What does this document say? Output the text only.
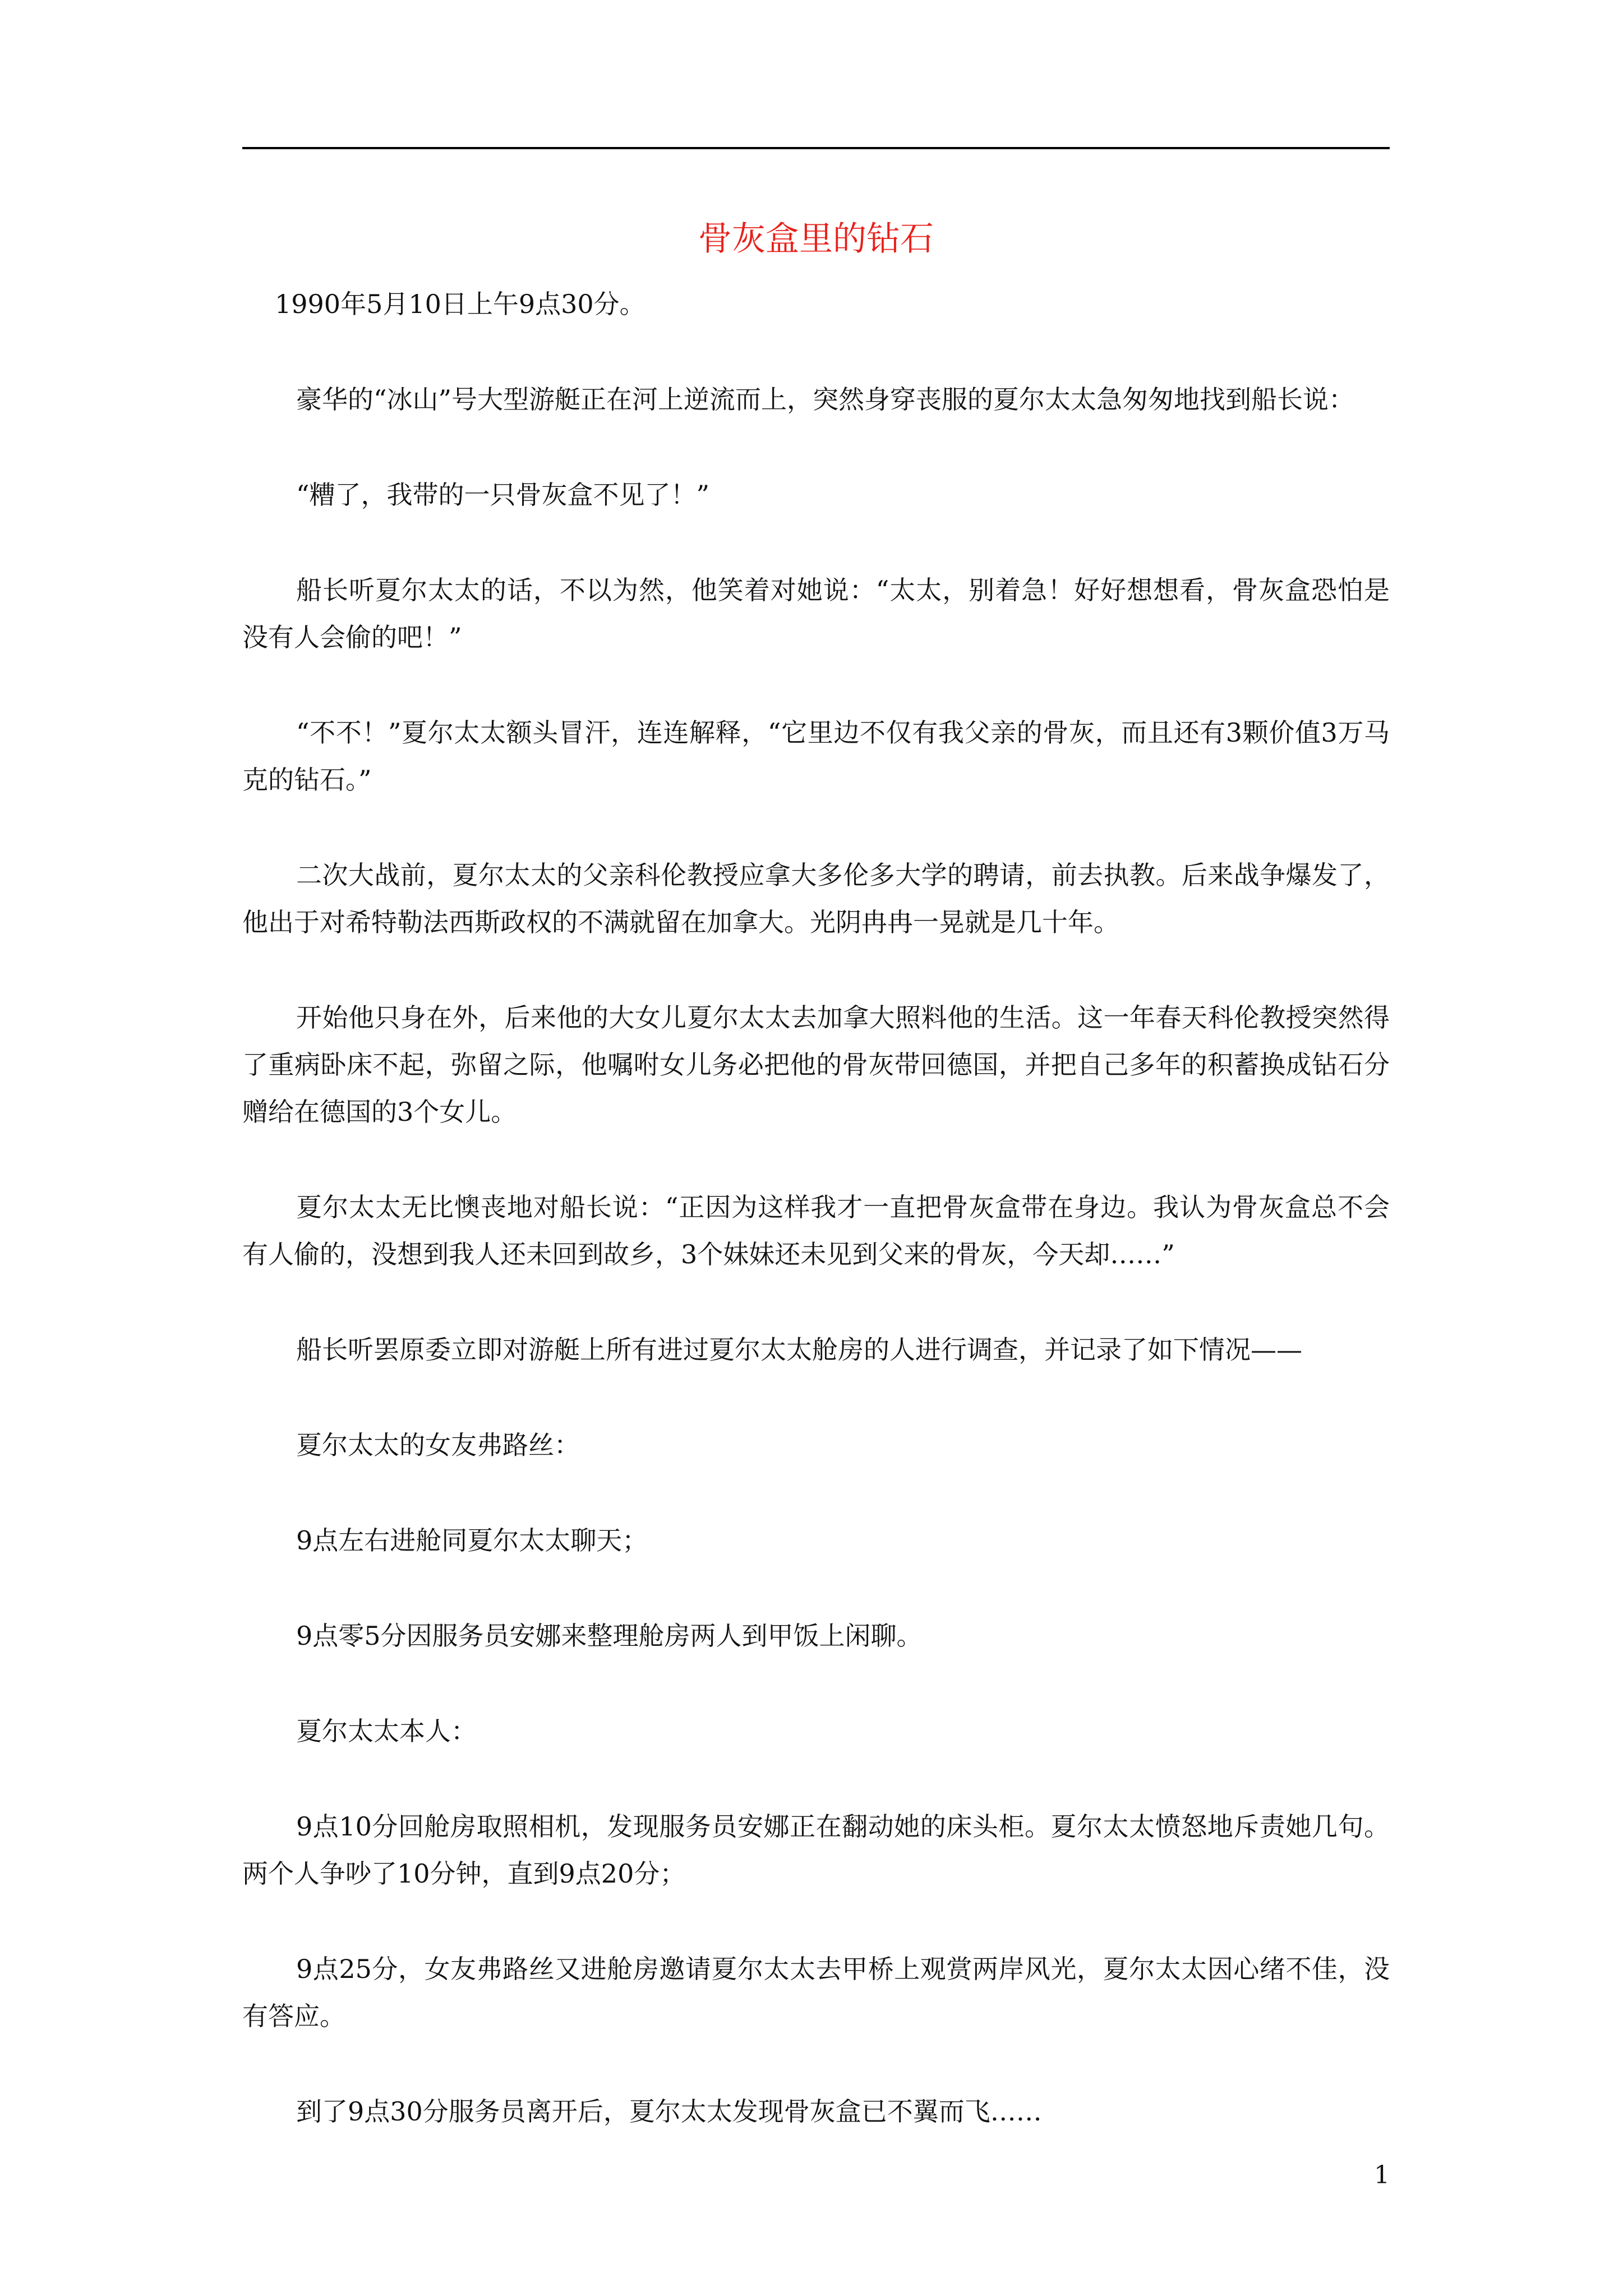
骨灰盒里的钻石

1990年5月10日上午9点30分。

豪华的“冰山”号大型游艇正在河上逆流而上，突然身穿丧服的夏尔太太急匆匆地找到船长说：

“糟了，我带的一只骨灰盒不见了！”

船长听夏尔太太的话，不以为然，他笑着对她说：“太太，别着急！好好想想看，骨灰盒恐怕是没有人会偷的吧！”

“不不！”夏尔太太额头冒汗，连连解释，“它里边不仅有我父亲的骨灰，而且还有3颗价值3万马克的钻石。”

二次大战前，夏尔太太的父亲科伦教授应拿大多伦多大学的聘请，前去执教。后来战争爆发了，他出于对希特勒法西斯政权的不满就留在加拿大。光阴冉冉一晃就是几十年。

开始他只身在外，后来他的大女儿夏尔太太去加拿大照料他的生活。这一年春天科伦教授突然得了重病卧床不起，弥留之际，他嘱咐女儿务必把他的骨灰带回德国，并把自己多年的积蓄换成钻石分赠给在德国的3个女儿。

夏尔太太无比懊丧地对船长说：“正因为这样我才一直把骨灰盒带在身边。我认为骨灰盒总不会有人偷的，没想到我人还未回到故乡，3个妹妹还未见到父来的骨灰，今天却……”

船长听罢原委立即对游艇上所有进过夏尔太太舱房的人进行调查，并记录了如下情况——

夏尔太太的女友弗路丝：

9点左右进舱同夏尔太太聊天；

9点零5分因服务员安娜来整理舱房两人到甲饭上闲聊。

夏尔太太本人：

9点10分回舱房取照相机，发现服务员安娜正在翻动她的床头柜。夏尔太太愤怒地斥责她几句。两个人争吵了10分钟，直到9点20分；

9点25分，女友弗路丝又进舱房邀请夏尔太太去甲桥上观赏两岸风光，夏尔太太因心绪不佳，没有答应。

到了9点30分服务员离开后，夏尔太太发现骨灰盒已不翼而飞……

1
